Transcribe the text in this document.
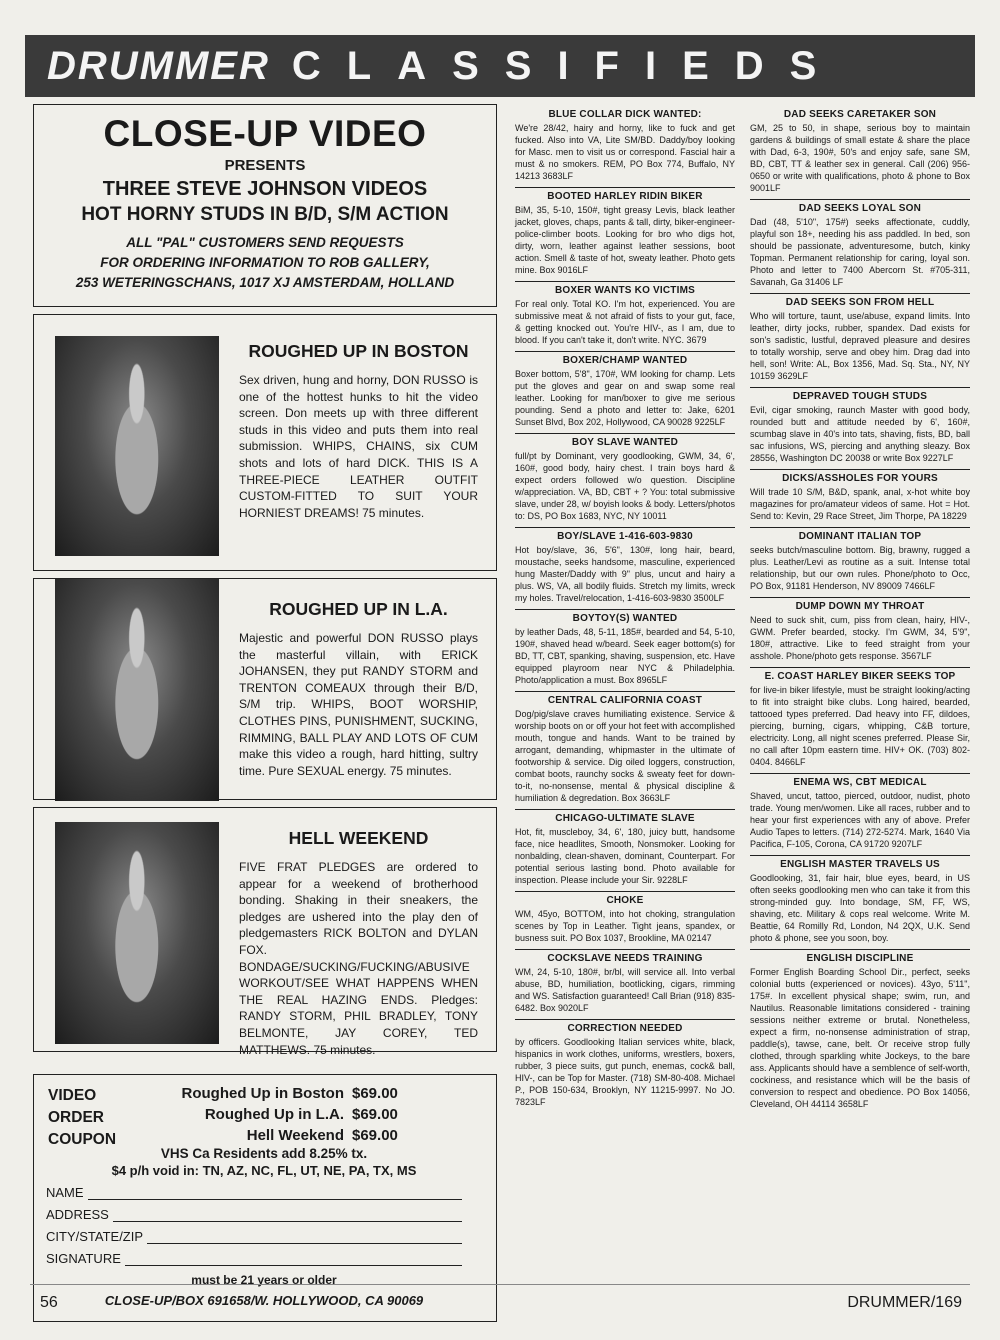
DRUMMER CLASSIFIEDS
CLOSE-UP VIDEO
PRESENTS
THREE STEVE JOHNSON VIDEOS
HOT HORNY STUDS IN B/D, S/M ACTION
ALL "PAL" CUSTOMERS SEND REQUESTS
FOR ORDERING INFORMATION TO ROB GALLERY,
253 WETERINGSCHANS, 1017 XJ AMSTERDAM, HOLLAND
ROUGHED UP IN BOSTON
Sex driven, hung and horny, DON RUSSO is one of the hottest hunks to hit the video screen. Don meets up with three different studs in this video and puts them into real submission. WHIPS, CHAINS, six CUM shots and lots of hard DICK. THIS IS A THREE-PIECE LEATHER OUTFIT CUSTOM-FITTED TO SUIT YOUR HORNIEST DREAMS! 75 minutes.
ROUGHED UP IN L.A.
Majestic and powerful DON RUSSO plays the masterful villain, with ERICK JOHANSEN, they put RANDY STORM and TRENTON COMEAUX through their B/D, S/M trip. WHIPS, BOOT WORSHIP, CLOTHES PINS, PUNISHMENT, SUCKING, RIMMING, BALL PLAY AND LOTS OF CUM make this video a rough, hard hitting, sultry time. Pure SEXUAL energy. 75 minutes.
HELL WEEKEND
FIVE FRAT PLEDGES are ordered to appear for a weekend of brotherhood bonding. Shaking in their sneakers, the pledges are ushered into the play den of pledgemasters RICK BOLTON and DYLAN FOX. BONDAGE/SUCKING/FUCKING/ABUSIVE WORKOUT/SEE WHAT HAPPENS WHEN THE REAL HAZING ENDS. Pledges: RANDY STORM, PHIL BRADLEY, TONY BELMONTE, JAY COREY, TED MATTHEWS. 75 minutes.
VIDEO
ORDER
COUPON
Roughed Up in Boston $69.00
Roughed Up in L.A. $69.00
Hell Weekend $69.00
VHS Ca Residents add 8.25% tx.
$4 p/h void in: TN, AZ, NC, FL, UT, NE, PA, TX, MS
NAME
ADDRESS
CITY/STATE/ZIP
SIGNATURE
must be 21 years or older
CLOSE-UP/BOX 691658/W. HOLLYWOOD, CA 90069
BLUE COLLAR DICK WANTED:
We're 28/42, hairy and horny, like to fuck and get fucked. Also into VA, Lite SM/BD. Daddy/boy looking for Masc. men to visit us or correspond. Fascial hair a must & no smokers. REM, PO Box 774, Buffalo, NY 14213 3683LF
BOOTED HARLEY RIDIN BIKER
BiM, 35, 5-10, 150#, tight greasy Levis, black leather jacket, gloves, chaps, pants & tall, dirty, biker-engineer-police-climber boots. Looking for bro who digs hot, dirty, worn, leather against leather sessions, boot action. Smell & taste of hot, sweaty leather. Photo gets mine. Box 9016LF
BOXER WANTS KO VICTIMS
For real only. Total KO. I'm hot, experienced. You are submissive meat & not afraid of fists to your gut, face, & getting knocked out. You're HIV-, as I am, due to blood. If you can't take it, don't write. NYC. 3679
BOXER/CHAMP WANTED
Boxer bottom, 5'8", 170#, WM looking for champ. Lets put the gloves and gear on and swap some real leather. Looking for man/boxer to give me serious pounding. Send a photo and letter to: Jake, 6201 Sunset Blvd, Box 202, Hollywood, CA 90028 9225LF
BOY SLAVE WANTED
full/pt by Dominant, very goodlooking, GWM, 34, 6', 160#, good body, hairy chest. I train boys hard & expect orders followed w/o question. Discipline w/appreciation. VA, BD, CBT + ? You: total submissive slave, under 28, w/ boyish looks & body. Letters/photos to: DS, PO Box 1683, NYC, NY 10011
BOY/SLAVE 1-416-603-9830
Hot boy/slave, 36, 5'6", 130#, long hair, beard, moustache, seeks handsome, masculine, experienced hung Master/Daddy with 9" plus, uncut and hairy a plus. WS, VA, all bodily fluids. Stretch my limits, wreck my holes. Travel/relocation, 1-416-603-9830 3500LF
BOYTOY(S) WANTED
by leather Dads, 48, 5-11, 185#, bearded and 54, 5-10, 190#, shaved head w/beard. Seek eager bottom(s) for BD, TT, CBT, spanking, shaving, suspension, etc. Have equipped playroom near NYC & Philadelphia. Photo/application a must. Box 8965LF
CENTRAL CALIFORNIA COAST
Dog/pig/slave craves humiliating existence. Service & worship boots on or off your hot feet with accomplished mouth, tongue and hands. Want to be trained by arrogant, demanding, whipmaster in the ultimate of footworship & service. Dig oiled loggers, construction, combat boots, raunchy socks & sweaty feet for down-to-it, no-nonsense, mental & physical discipline & humiliation & degredation. Box 3663LF
CHICAGO-ULTIMATE SLAVE
Hot, fit, muscleboy, 34, 6', 180, juicy butt, handsome face, nice headlites, Smooth, Nonsmoker. Looking for nonbalding, clean-shaven, dominant, Counterpart. For potential serious lasting bond. Photo available for inspection. Please include your Sir. 9228LF
CHOKE
WM, 45yo, BOTTOM, into hot choking, strangulation scenes by Top in Leather. Tight jeans, spandex, or busness suit. PO Box 1037, Brookline, MA 02147
COCKSLAVE NEEDS TRAINING
WM, 24, 5-10, 180#, br/bl, will service all. Into verbal abuse, BD, humiliation, bootlicking, cigars, rimming and WS. Satisfaction guaranteed! Call Brian (918) 835-6482. Box 9020LF
CORRECTION NEEDED
by officers. Goodlooking Italian services white, black, hispanics in work clothes, uniforms, wrestlers, boxers, rubber, 3 piece suits, gut punch, enemas, cock& ball, HIV-, can be Top for Master. (718) SM-80-408. Michael P., POB 150-634, Brooklyn, NY 11215-9997. No JO. 7823LF
DAD SEEKS CARETAKER SON
GM, 25 to 50, in shape, serious boy to maintain gardens & buildings of small estate & share the place with Dad, 6-3, 190#, 50's and enjoy safe, sane SM, BD, CBT, TT & leather sex in general. Call (206) 956-0650 or write with qualifications, photo & phone to Box 9001LF
DAD SEEKS LOYAL SON
Dad (48, 5'10", 175#) seeks affectionate, cuddly, playful son 18+, needing his ass paddled. In bed, son should be passionate, adventuresome, butch, kinky Topman. Permanent relationship for caring, loyal son. Photo and letter to 7400 Abercorn St. #705-311, Savanah, Ga 31406 LF
DAD SEEKS SON FROM HELL
Who will torture, taunt, use/abuse, expand limits. Into leather, dirty jocks, rubber, spandex. Dad exists for son's sadistic, lustful, depraved pleasure and desires to totally worship, serve and obey him. Drag dad into hell, son! Write: AL, Box 1356, Mad. Sq. Sta., NY, NY 10159 3629LF
DEPRAVED TOUGH STUDS
Evil, cigar smoking, raunch Master with good body, rounded butt and attitude needed by 6', 160#, scumbag slave in 40's into tats, shaving, fists, BD, ball sac infusions, WS, piercing and anything sleazy. Box 28556, Washington DC 20038 or write Box 9227LF
DICKS/ASSHOLES FOR YOURS
Will trade 10 S/M, B&D, spank, anal, x-hot white boy magazines for pro/amateur videos of same. Hot = Hot. Send to: Kevin, 29 Race Street, Jim Thorpe, PA 18229
DOMINANT ITALIAN TOP
seeks butch/masculine bottom. Big, brawny, rugged a plus. Leather/Levi as routine as a suit. Intense total relationship, but our own rules. Phone/photo to Occ, PO Box, 91181 Henderson, NV 89009 7466LF
DUMP DOWN MY THROAT
Need to suck shit, cum, piss from clean, hairy, HIV-, GWM. Prefer bearded, stocky. I'm GWM, 34, 5'9", 180#, attractive. Like to feed straight from your asshole. Phone/photo gets response. 3567LF
E. COAST HARLEY BIKER SEEKS TOP
for live-in biker lifestyle, must be straight looking/acting to fit into straight bike clubs. Long haired, bearded, tattooed types preferred. Dad heavy into FF, dildoes, piercing, burning, cigars, whipping, C&B torture, electricity. Long, all night scenes preferred. Please Sir, no call after 10pm eastern time. HIV+ OK. (703) 802-0404. 8466LF
ENEMA WS, CBT MEDICAL
Shaved, uncut, tattoo, pierced, outdoor, nudist, photo trade. Young men/women. Like all races, rubber and to hear your first experiences with any of above. Prefer Audio Tapes to letters. (714) 272-5274. Mark, 1640 Via Pacifica, F-105, Corona, CA 91720 9207LF
ENGLISH MASTER TRAVELS US
Goodlooking, 31, fair hair, blue eyes, beard, in US often seeks goodlooking men who can take it from this strong-minded guy. Into bondage, SM, FF, WS, shaving, etc. Military & cops real welcome. Write M. Beattie, 64 Romilly Rd, London, N4 2QX, U.K. Send photo & phone, see you soon, boy.
ENGLISH DISCIPLINE
Former English Boarding School Dir., perfect, seeks colonial butts (experienced or novices). 43yo, 5'11", 175#. In excellent physical shape; swim, run, and Nautilus. Reasonable limitations considered - training sessions neither extreme or brutal. Nonetheless, expect a firm, no-nonsense administration of strap, paddle(s), tawse, cane, belt. Or receive strop fully clothed, through sparkling white Jockeys, to the bare ass. Applicants should have a semblence of self-worth, cockiness, and resistance which will be the basis of conversion to respect and obedience. PO Box 14056, Cleveland, OH 44114 3658LF
56	DRUMMER/169
